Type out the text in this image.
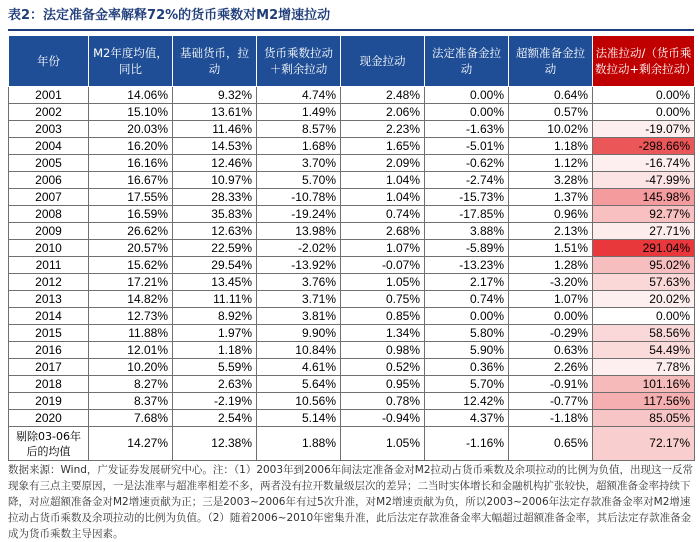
表2：法定准备金率解释72%的货币乘数对M2增速拉动
年份	M2年度均值，同比	基础货币，拉动	货币乘数拉动＋剩余拉动	现金拉动	法定准备金拉动	超额准备金拉动	法准拉动/（货币乘数拉动+剩余拉动）
2001	14.06%	9.32%	4.74%	2.48%	0.00%	0.64%	0.00%
2002	15.10%	13.61%	1.49%	2.06%	0.00%	0.57%	0.00%
2003	20.03%	11.46%	8.57%	2.23%	-1.63%	10.02%	-19.07%
2004	16.20%	14.53%	1.68%	1.65%	-5.01%	1.18%	-298.66%
2005	16.16%	12.46%	3.70%	2.09%	-0.62%	1.12%	-16.74%
2006	16.67%	10.97%	5.70%	1.04%	-2.74%	3.28%	-47.99%
2007	17.55%	28.33%	-10.78%	1.04%	-15.73%	1.37%	145.98%
2008	16.59%	35.83%	-19.24%	0.74%	-17.85%	0.96%	92.77%
2009	26.62%	12.63%	13.98%	2.68%	3.88%	2.13%	27.71%
2010	20.57%	22.59%	-2.02%	1.07%	-5.89%	1.51%	291.04%
2011	15.62%	29.54%	-13.92%	-0.07%	-13.23%	1.28%	95.02%
2012	17.21%	13.45%	3.76%	1.05%	2.17%	-3.20%	57.63%
2013	14.82%	11.11%	3.71%	0.75%	0.74%	1.07%	20.02%
2014	12.73%	8.92%	3.81%	0.85%	0.00%	0.00%	0.00%
2015	11.88%	1.97%	9.90%	1.34%	5.80%	-0.29%	58.56%
2016	12.01%	1.18%	10.84%	0.98%	5.90%	0.63%	54.49%
2017	10.20%	5.59%	4.61%	0.52%	0.36%	2.26%	7.78%
2018	8.27%	2.63%	5.64%	0.95%	5.70%	-0.91%	101.16%
2019	8.37%	-2.19%	10.56%	0.78%	12.42%	-0.77%	117.56%
2020	7.68%	2.54%	5.14%	-0.94%	4.37%	-1.18%	85.05%
剔除03-06年后的均值	14.27%	12.38%	1.88%	1.05%	-1.16%	0.65%	72.17%
数据来源：Wind，广发证券发展研究中心。注：（1）2003年到2006年间法定准备金对M2拉动占货币乘数及余项拉动的比例为负值，出现这一反常现象有三点主要原因，一是法准率与超准率相差不多，两者没有拉开数量级层次的差异；二当时实体增长和金融机构扩张较快，超额准备金率持续下降，对应超额准备金对M2增速贡献为正；三是2003~2006年有过5次升准，对M2增速贡献为负，所以2003~2006年法定存款准备金率对M2增速拉动占货币乘数及余项拉动的比例为负值。（2）随着2006~2010年密集升准，此后法定存款准备金率大幅超过超额准备金率，其后法定存款准备金成为货币乘数主导因素。
